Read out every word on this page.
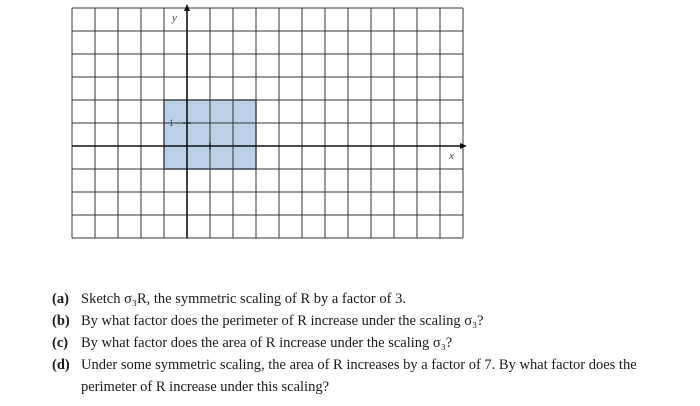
x
y
1
(a) Sketch σ₃R, the symmetric scaling of R by a factor of 3.
(b) By what factor does the perimeter of R increase under the scaling σ₃?
(c) By what factor does the area of R increase under the scaling σ₃?
(d) Under some symmetric scaling, the area of R increases by a factor of 7. By what factor does the perimeter of R increase under this scaling?
